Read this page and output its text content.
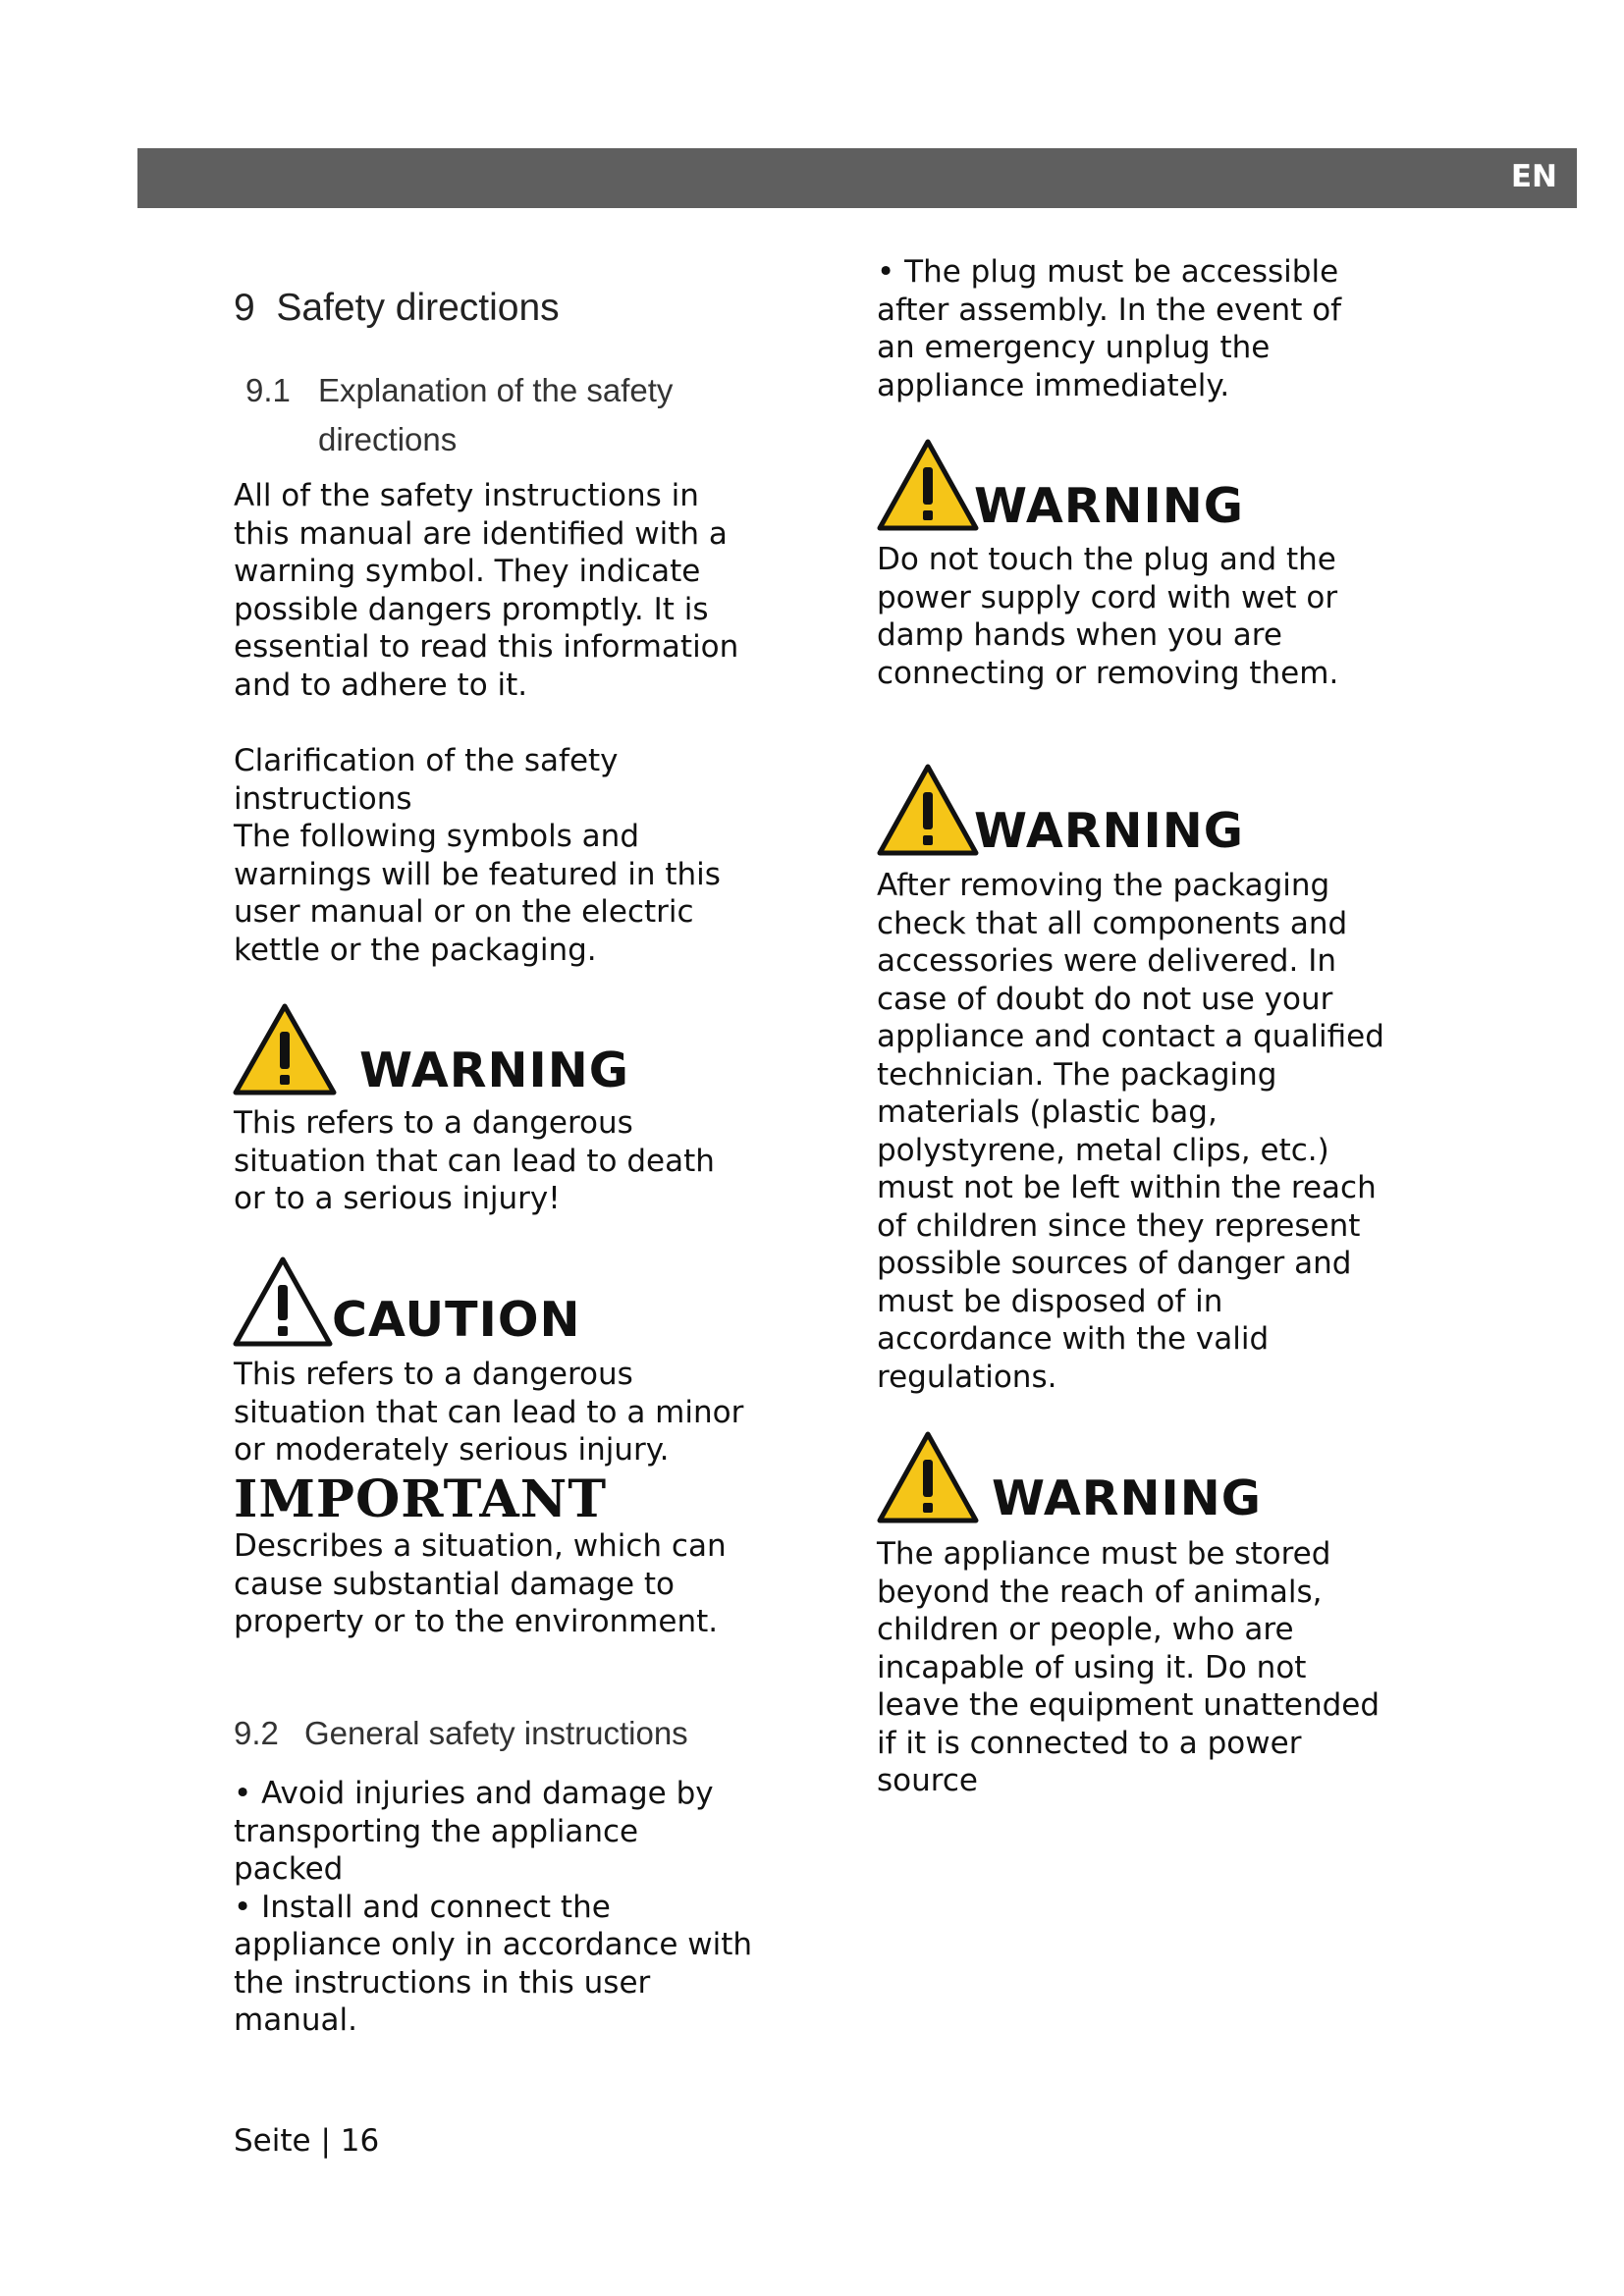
EN
9 Safety directions
9.1 Explanation of the safety
directions

All of the safety instructions in
this manual are identified with a
warning symbol. They indicate
possible dangers promptly. It is
essential to read this information
and to adhere to it.

Clarification of the safety
instructions
The following symbols and
warnings will be featured in this
user manual or on the electric
kettle or the packaging.

WARNING

This refers to a dangerous
situation that can lead to death
or to a serious injury!

CAUTION

This refers to a dangerous
situation that can lead to a minor
or moderately serious injury.

IMPORTANT

Describes a situation, which can
cause substantial damage to
property or to the environment.

9.2 General safety instructions

• Avoid injuries and damage by
transporting the appliance
packed
• Install and connect the
appliance only in accordance with
the instructions in this user
manual.

• The plug must be accessible
after assembly. In the event of
an emergency unplug the
appliance immediately.

WARNING

Do not touch the plug and the
power supply cord with wet or
damp hands when you are
connecting or removing them.

WARNING

After removing the packaging
check that all components and
accessories were delivered. In
case of doubt do not use your
appliance and contact a qualified
technician. The packaging
materials (plastic bag,
polystyrene, metal clips, etc.)
must not be left within the reach
of children since they represent
possible sources of danger and
must be disposed of in
accordance with the valid
regulations.

WARNING

The appliance must be stored
beyond the reach of animals,
children or people, who are
incapable of using it. Do not
leave the equipment unattended
if it is connected to a power
source

Seite | 16
